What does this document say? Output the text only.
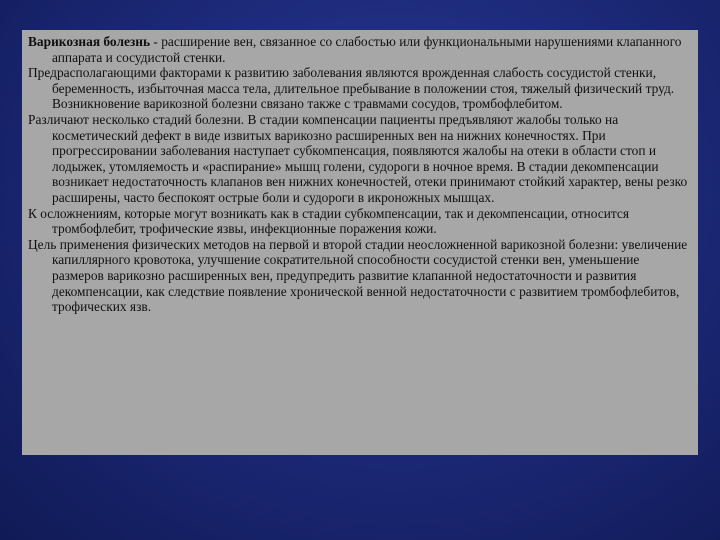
Варикозная болезнь - расширение вен, связанное со слабостью или функциональными нарушениями клапанного аппарата и сосудистой стенки.

Предрасполагающими факторами к развитию заболевания являются врожденная слабость сосудистой стенки, беременность, избыточная масса тела, длительное пребывание в положении стоя, тяжелый физический труд. Возникновение варикозной болезни связано также с травмами сосудов, тромбофлебитом.

Различают несколько стадий болезни. В стадии компенсации пациенты предъявляют жалобы только на косметический дефект в виде извитых варикозно расширенных вен на нижних конечностях. При прогрессировании заболевания наступает субкомпенсация, появляются жалобы на отеки в области стоп и лодыжек, утомляемость и «распирание» мышц голени, судороги в ночное время. В стадии декомпенсации возникает недостаточность клапанов вен нижних конечностей, отеки принимают стойкий характер, вены резко расширены, часто беспокоят острые боли и судороги в икроножных мышцах.

К осложнениям, которые могут возникать как в стадии субкомпенсации, так и декомпенсации, относится тромбофлебит, трофические язвы, инфекционные поражения кожи.

Цель применения физических методов на первой и второй стадии неосложненной варикозной болезни: увеличение капиллярного кровотока, улучшение сократительной способности сосудистой стенки вен, уменьшение размеров варикозно расширенных вен, предупредить развитие клапанной недостаточности и развития декомпенсации, как следствие появление хронической венной недостаточности с развитием тромбофлебитов, трофических язв.
